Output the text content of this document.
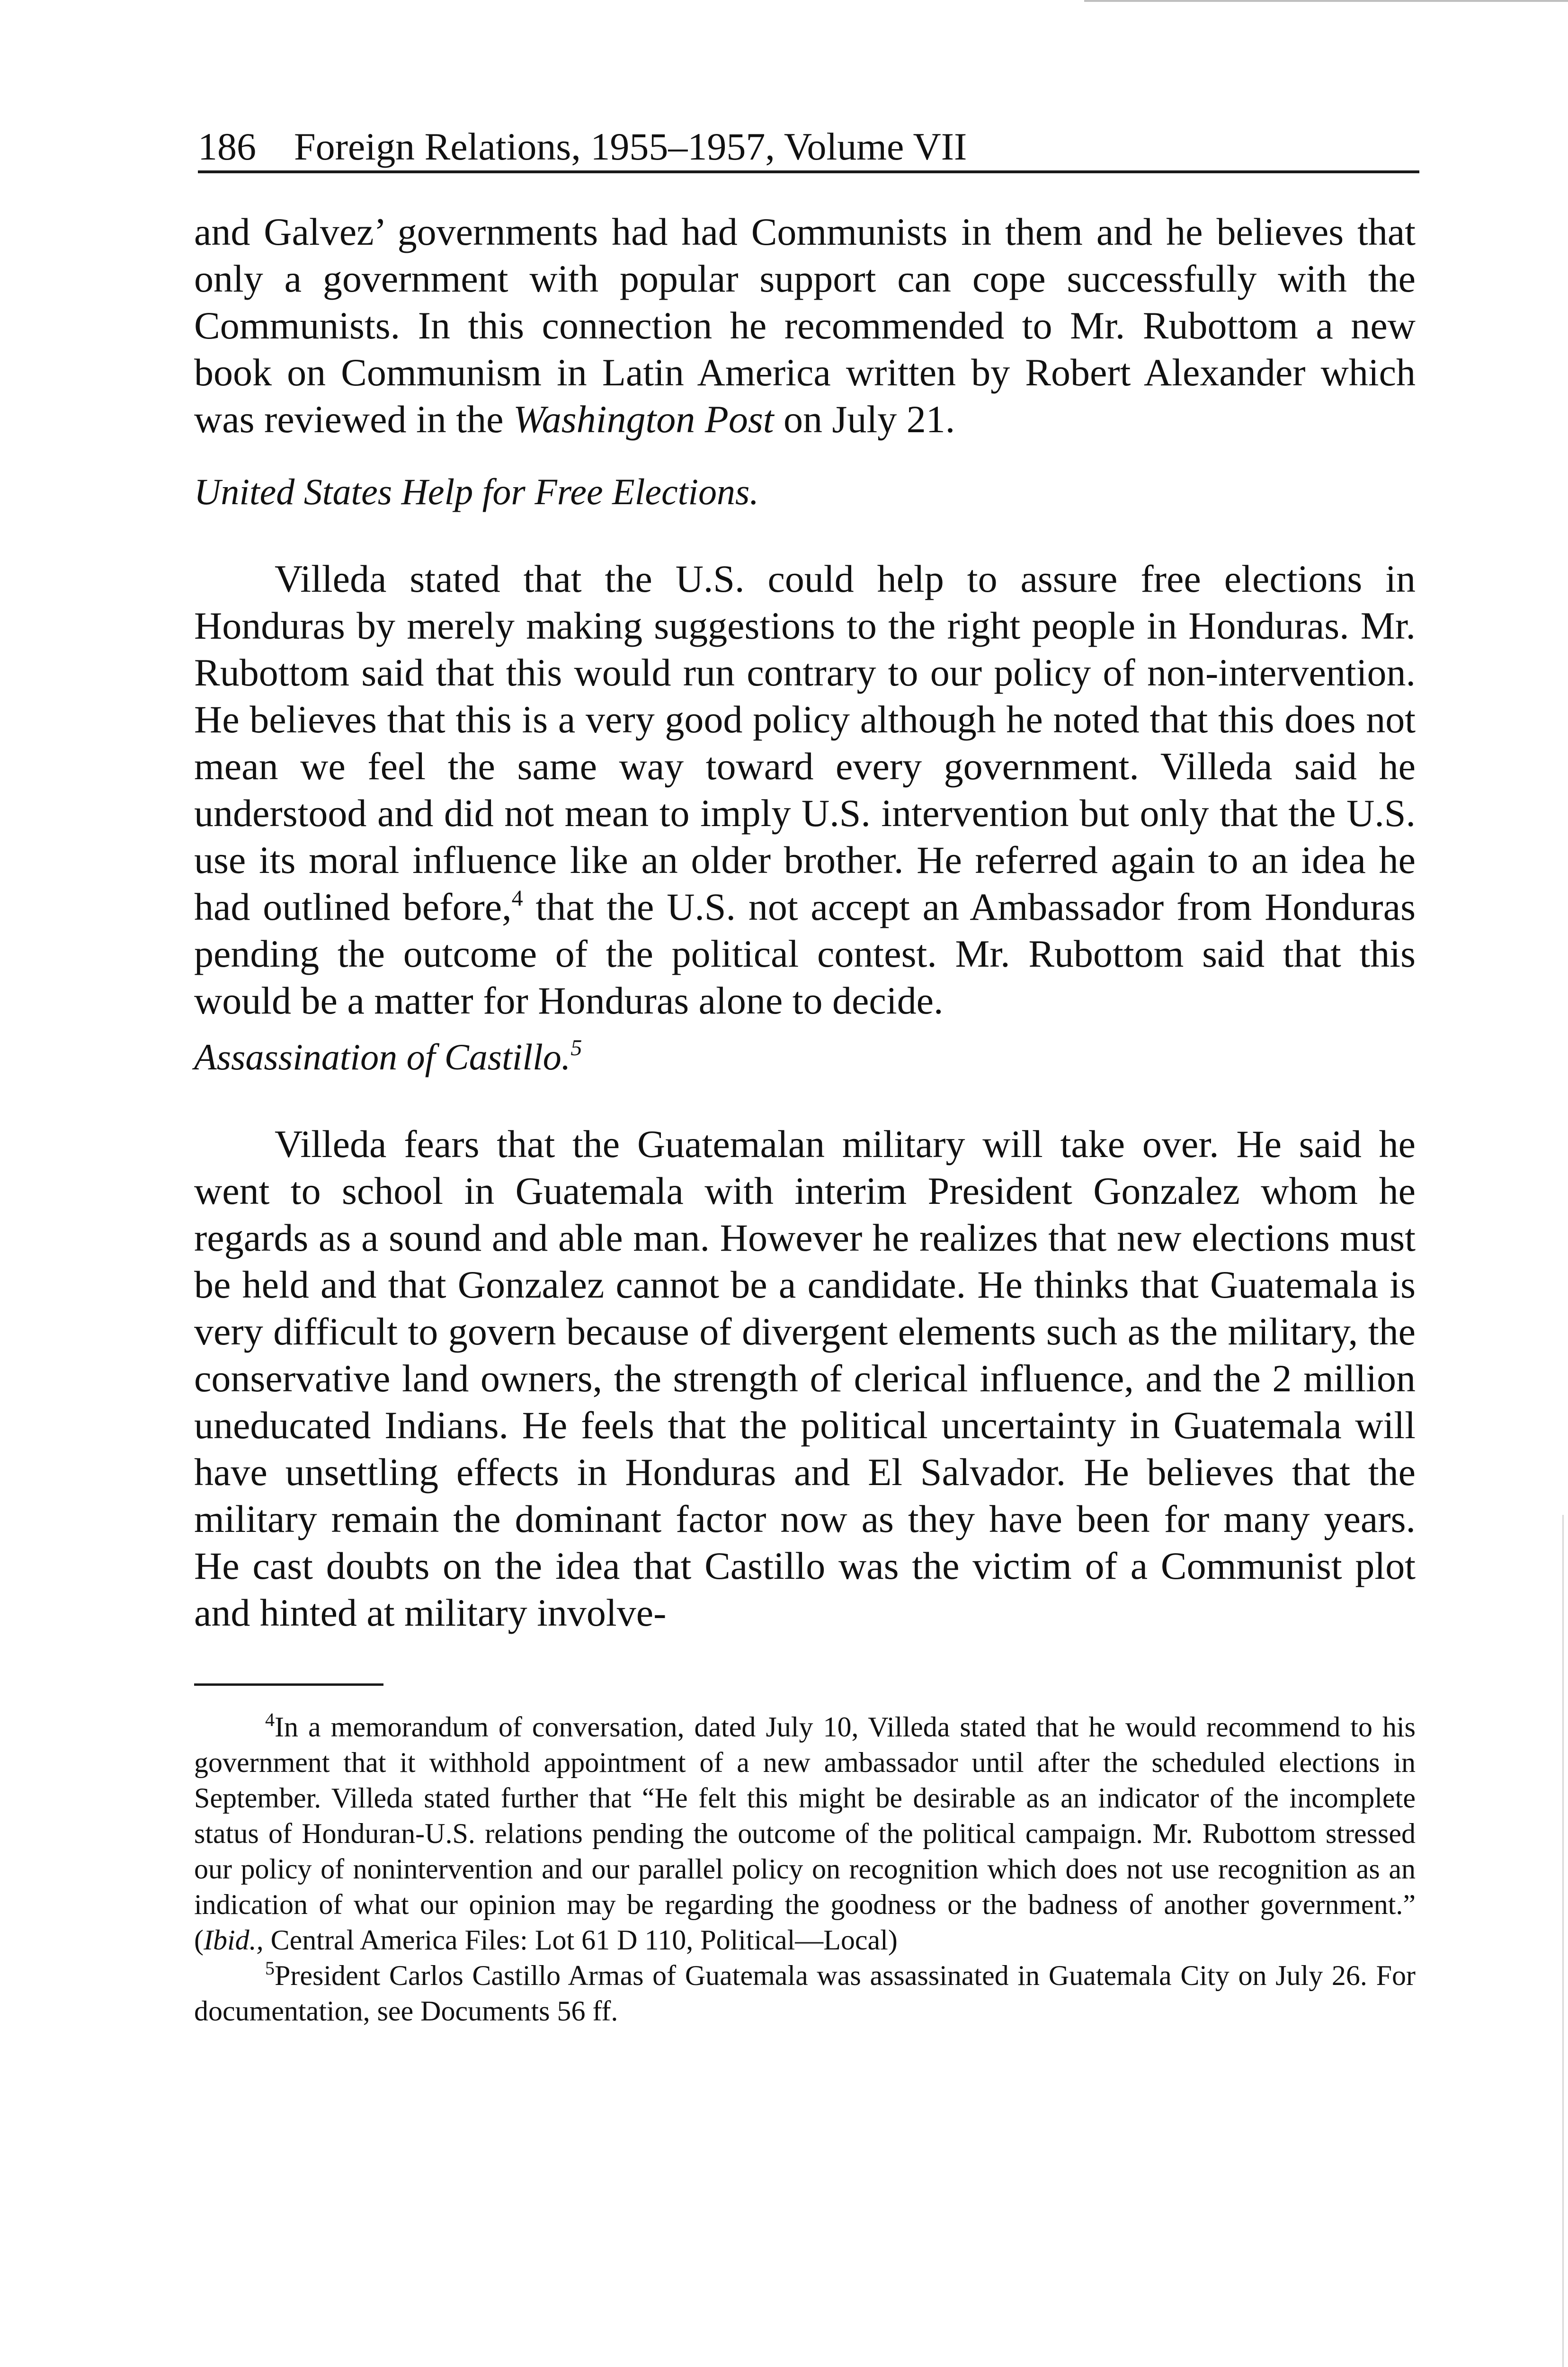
186 Foreign Relations, 1955–1957, Volume VII

and Galvez’ governments had had Communists in them and he believes that only a government with popular support can cope successfully with the Communists. In this connection he recommended to Mr. Rubottom a new book on Communism in Latin America written by Robert Alexander which was reviewed in the Washington Post on July 21.

United States Help for Free Elections.

Villeda stated that the U.S. could help to assure free elections in Honduras by merely making suggestions to the right people in Honduras. Mr. Rubottom said that this would run contrary to our policy of non-intervention. He believes that this is a very good policy although he noted that this does not mean we feel the same way toward every government. Villeda said he understood and did not mean to imply U.S. intervention but only that the U.S. use its moral influence like an older brother. He referred again to an idea he had outlined before,$^4$ that the U.S. not accept an Ambassador from Honduras pending the outcome of the political contest. Mr. Rubottom said that this would be a matter for Honduras alone to decide.

Assassination of Castillo.$^5$

Villeda fears that the Guatemalan military will take over. He said he went to school in Guatemala with interim President Gonzalez whom he regards as a sound and able man. However he realizes that new elections must be held and that Gonzalez cannot be a candidate. He thinks that Guatemala is very difficult to govern because of divergent elements such as the military, the conservative land owners, the strength of clerical influence, and the 2 million uneducated Indians. He feels that the political uncertainty in Guatemala will have unsettling effects in Honduras and El Salvador. He believes that the military remain the dominant factor now as they have been for many years. He cast doubts on the idea that Castillo was the victim of a Communist plot and hinted at military involve-

$^4$In a memorandum of conversation, dated July 10, Villeda stated that he would recommend to his government that it withhold appointment of a new ambassador until after the scheduled elections in September. Villeda stated further that “He felt this might be desirable as an indicator of the incomplete status of Honduran-U.S. relations pending the outcome of the political campaign. Mr. Rubottom stressed our policy of nonintervention and our parallel policy on recognition which does not use recognition as an indication of what our opinion may be regarding the goodness or the badness of another government.” (Ibid., Central America Files: Lot 61 D 110, Political—Local)

$^5$President Carlos Castillo Armas of Guatemala was assassinated in Guatemala City on July 26. For documentation, see Documents 56 ff.
